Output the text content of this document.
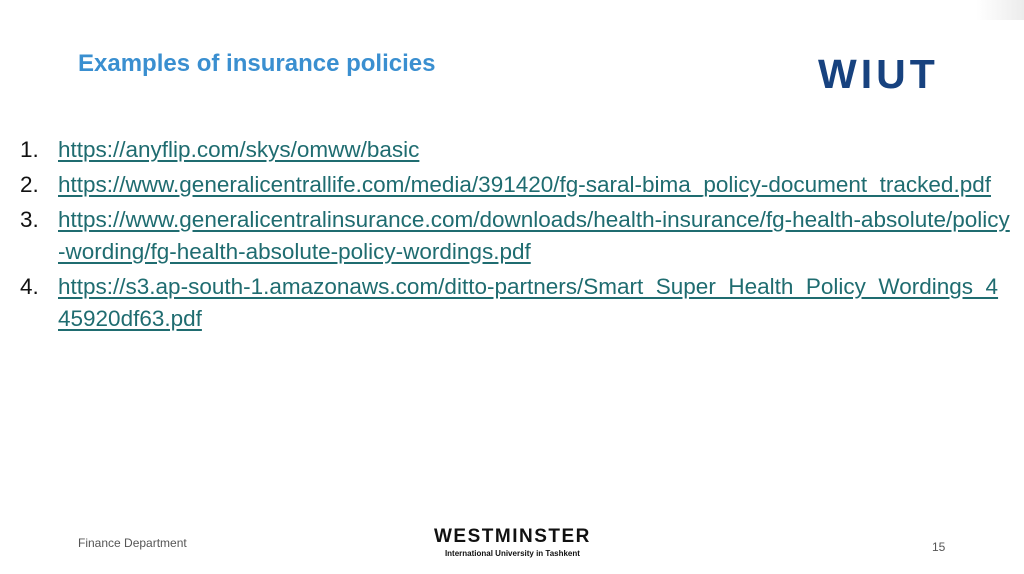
Examples of insurance policies	WIUT
1. https://anyflip.com/skys/omww/basic
2. https://www.generalicentrallife.com/media/391420/fg-saral-bima_policy-document_tracked.pdf
3. https://www.generalicentralinsurance.com/downloads/health-insurance/fg-health-absolute/policy-wording/fg-health-absolute-policy-wordings.pdf
4. https://s3.ap-south-1.amazonaws.com/ditto-partners/Smart_Super_Health_Policy_Wordings_445920df63.pdf
Finance Department	WESTMINSTER
International University in Tashkent	15
